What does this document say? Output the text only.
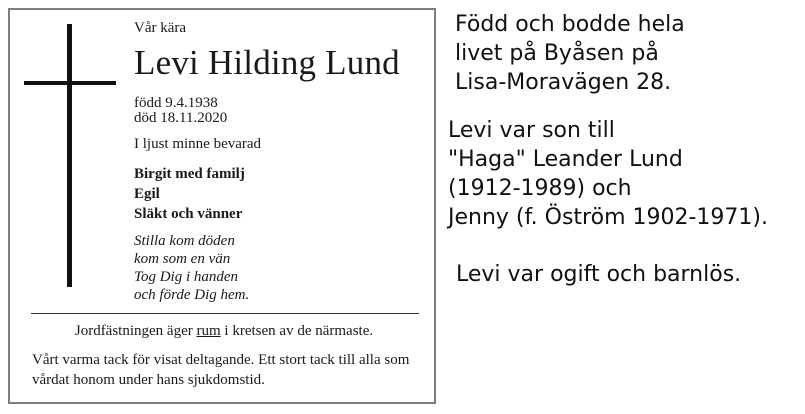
Vår kära
Levi Hilding Lund
född 9.4.1938
död 18.11.2020
I ljust minne bevarad
Birgit med familj
Egil
Släkt och vänner
Stilla kom döden
kom som en vän
Tog Dig i handen
och förde Dig hem.
Jordfästningen äger rum i kretsen av de närmaste.
Vårt varma tack för visat deltagande. Ett stort tack till alla som vårdat honom under hans sjukdomstid.
Född och bodde hela
livet på Byåsen på
Lisa-Moravägen 28.
Levi var son till
"Haga" Leander Lund
(1912-1989) och
Jenny (f. Öström 1902-1971).
Levi var ogift och barnlös.
